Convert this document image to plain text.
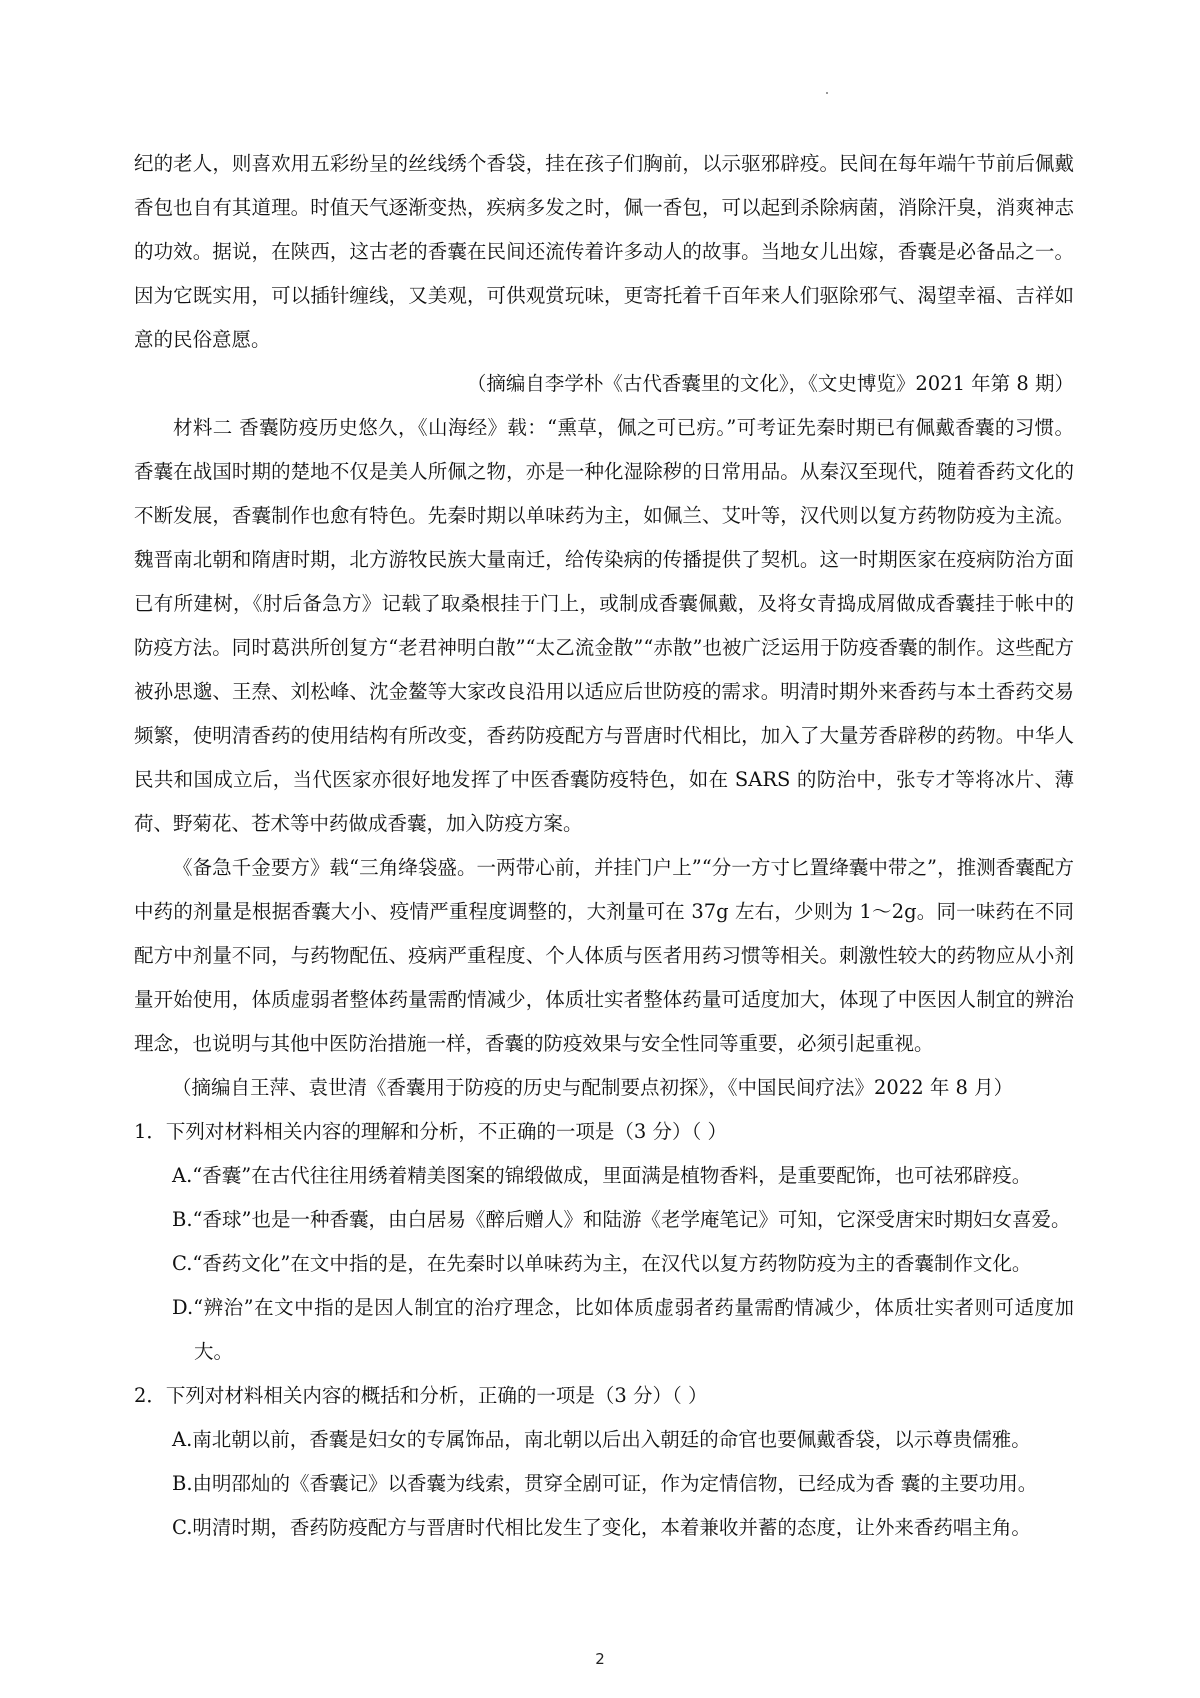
纪的老人，则喜欢用五彩纷呈的丝线绣个香袋，挂在孩子们胸前，以示驱邪辟疫。民间在每年端午节前后佩戴香包也自有其道理。时值天气逐渐变热，疾病多发之时，佩一香包，可以起到杀除病菌，消除汗臭，消爽神志的功效。据说，在陕西，这古老的香囊在民间还流传着许多动人的故事。当地女儿出嫁，香囊是必备品之一。因为它既实用，可以插针缠线，又美观，可供观赏玩味，更寄托着千百年来人们驱除邪气、渴望幸福、吉祥如意的民俗意愿。

（摘编自李学朴《古代香囊里的文化》，《文史博览》2021 年第 8 期）

材料二 香囊防疫历史悠久，《山海经》载：“熏草，佩之可已疠。”可考证先秦时期已有佩戴香囊的习惯。香囊在战国时期的楚地不仅是美人所佩之物，亦是一种化湿除秽的日常用品。从秦汉至现代，随着香药文化的不断发展，香囊制作也愈有特色。先秦时期以单味药为主，如佩兰、艾叶等，汉代则以复方药物防疫为主流。魏晋南北朝和隋唐时期，北方游牧民族大量南迁，给传染病的传播提供了契机。这一时期医家在疫病防治方面已有所建树，《肘后备急方》记载了取桑根挂于门上，或制成香囊佩戴，及将女青捣成屑做成香囊挂于帐中的防疫方法。同时葛洪所创复方“老君神明白散”“太乙流金散”“赤散”也被广泛运用于防疫香囊的制作。这些配方被孙思邈、王焘、刘松峰、沈金鳌等大家改良沿用以适应后世防疫的需求。明清时期外来香药与本土香药交易频繁，使明清香药的使用结构有所改变，香药防疫配方与晋唐时代相比，加入了大量芳香辟秽的药物。中华人民共和国成立后，当代医家亦很好地发挥了中医香囊防疫特色，如在 SARS 的防治中，张专才等将冰片、薄荷、野菊花、苍术等中药做成香囊，加入防疫方案。

《备急千金要方》载“三角绛袋盛。一两带心前，并挂门户上”“分一方寸匕置绛囊中带之”，推测香囊配方中药的剂量是根据香囊大小、疫情严重程度调整的，大剂量可在 37g 左右，少则为 1～2g。同一味药在不同配方中剂量不同，与药物配伍、疫病严重程度、个人体质与医者用药习惯等相关。刺激性较大的药物应从小剂量开始使用，体质虚弱者整体药量需酌情减少，体质壮实者整体药量可适度加大，体现了中医因人制宜的辨治理念，也说明与其他中医防治措施一样，香囊的防疫效果与安全性同等重要，必须引起重视。

（摘编自王萍、袁世清《香囊用于防疫的历史与配制要点初探》，《中国民间疗法》2022 年 8 月）

1．下列对材料相关内容的理解和分析，不正确的一项是（3 分）（ ）

A.“香囊”在古代往往用绣着精美图案的锦缎做成，里面满是植物香料，是重要配饰，也可祛邪辟疫。

B.“香球”也是一种香囊，由白居易《醉后赠人》和陆游《老学庵笔记》可知，它深受唐宋时期妇女喜爱。

C.“香药文化”在文中指的是，在先秦时以单味药为主，在汉代以复方药物防疫为主的香囊制作文化。

D.“辨治”在文中指的是因人制宜的治疗理念，比如体质虚弱者药量需酌情减少，体质壮实者则可适度加大。

2．下列对材料相关内容的概括和分析，正确的一项是（3 分）（ ）

A.南北朝以前，香囊是妇女的专属饰品，南北朝以后出入朝廷的命官也要佩戴香袋，以示尊贵儒雅。

B.由明邵灿的《香囊记》以香囊为线索，贯穿全剧可证，作为定情信物，已经成为香 囊的主要功用。

C.明清时期，香药防疫配方与晋唐时代相比发生了变化，本着兼收并蓄的态度，让外来香药唱主角。

2
